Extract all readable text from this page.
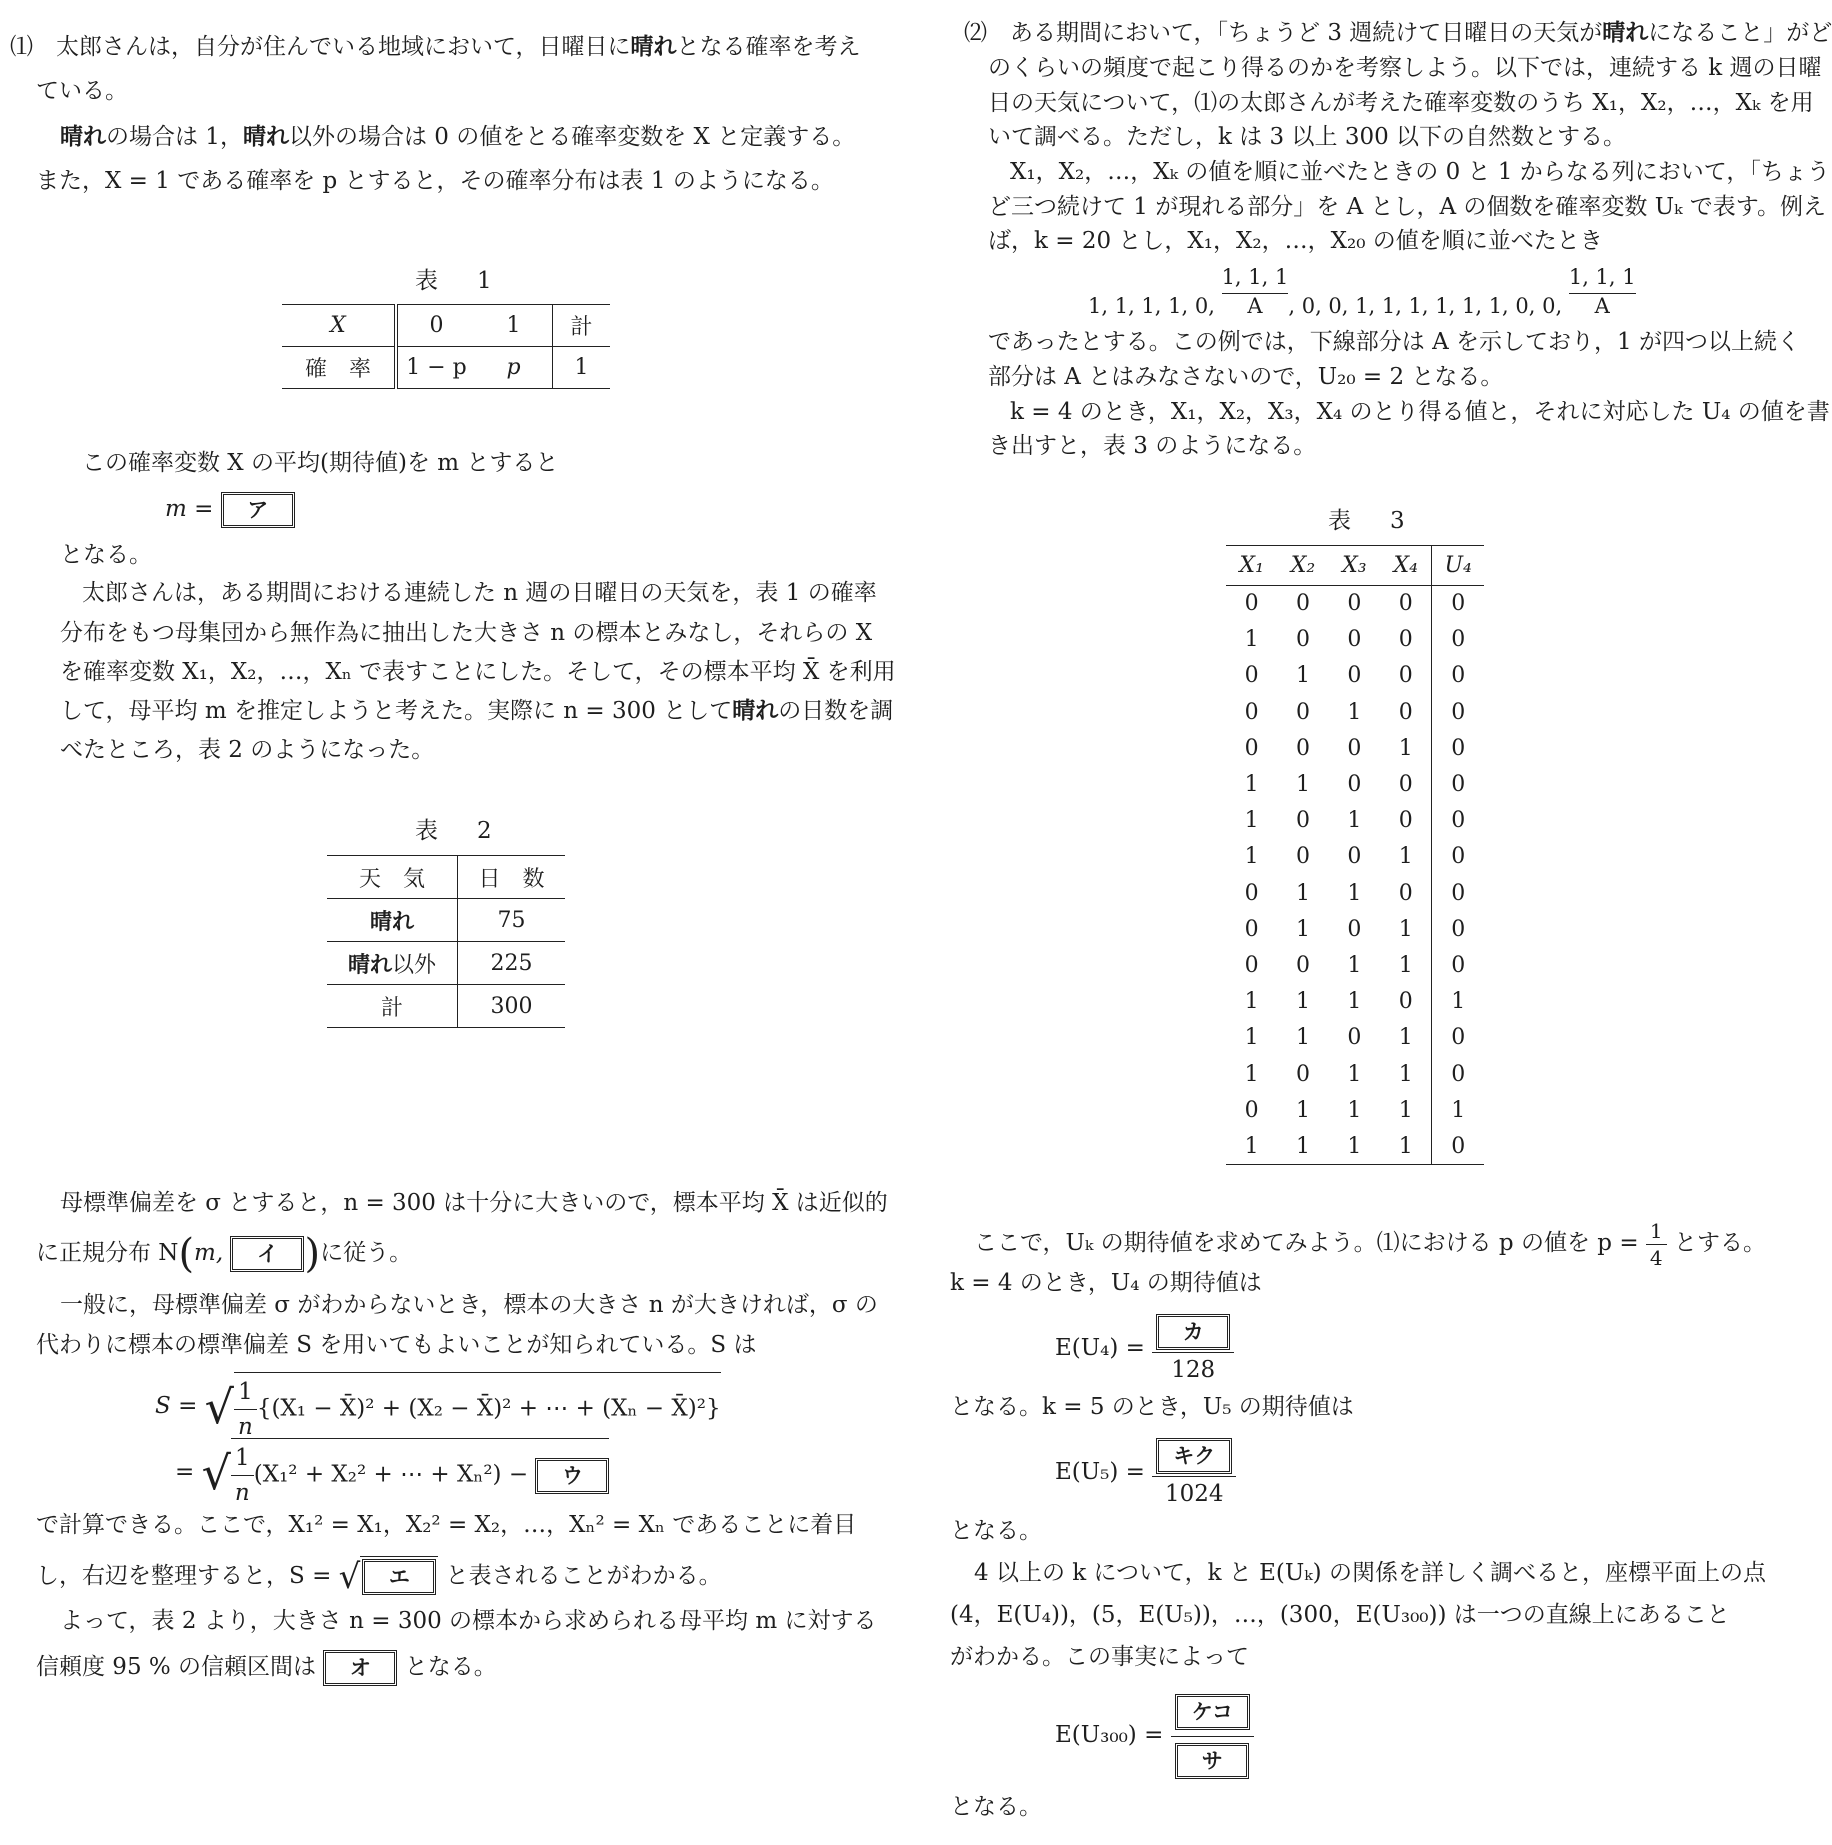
⑴　太郎さんは，自分が住んでいる地域において，日曜日に晴れとなる確率を考え
ている。
晴れの場合は 1，晴れ以外の場合は 0 の値をとる確率変数を X と定義する。
また，X = 1 である確率を p とすると，その確率分布は表 1 のようになる。
表　1
X	0	1	計
確　率	1 − p	p	1
この確率変数 X の平均(期待値)を m とすると
m = ア
となる。
太郎さんは，ある期間における連続した n 週の日曜日の天気を，表 1 の確率
分布をもつ母集団から無作為に抽出した大きさ n の標本とみなし，それらの X
を確率変数 X₁，X₂，…，Xₙ で表すことにした。そして，その標本平均 X̄ を利用
して，母平均 m を推定しようと考えた。実際に n = 300 として晴れの日数を調
べたところ，表 2 のようになった。
表　2
天　気	日　数
晴れ	75
晴れ以外	225
計	300
母標準偏差を σ とすると，n = 300 は十分に大きいので，標本平均 X̄ は近似的
に正規分布 N(m, イ )に従う。
一般に，母標準偏差 σ がわからないとき，標本の大きさ n が大きければ，σ の
代わりに標本の標準偏差 S を用いてもよいことが知られている。S は
S = √ $\frac{1}{n} \{(X_1$ − X̄)² + (X₂ − X̄)² + ⋯ + (Xₙ − X̄)²}
= √ $\frac{1}{n} (X_1^2 + X_2^2$ + ⋯ + Xₙ²) − ウ
で計算できる。ここで，X₁² = X₁，X₂² = X₂，…，Xₙ² = Xₙ であることに着目
し，右辺を整理すると，S = √ エ と表されることがわかる。
よって，表 2 より，大きさ n = 300 の標本から求められる母平均 m に対する
信頼度 95 % の信頼区間は オ となる。
⑵　ある期間において，「ちょうど 3 週続けて日曜日の天気が晴れになること」がど
のくらいの頻度で起こり得るのかを考察しよう。以下では，連続する k 週の日曜
日の天気について，⑴の太郎さんが考えた確率変数のうち X₁，X₂，…，Xₖ を用
いて調べる。ただし，k は 3 以上 300 以下の自然数とする。
X₁，X₂，…，Xₖ の値を順に並べたときの 0 と 1 からなる列において，「ちょう
ど三つ続けて 1 が現れる部分」を A とし，A の個数を確率変数 Uₖ で表す。例え
ば，k = 20 とし，X₁，X₂，…，X₂₀ の値を順に並べたとき
1, 1, 1, 1, 0, $\frac{1, 1, 1}{A}$ , 0, 0, 1, 1, 1, 1, 1, 1, 0, 0, $\frac{1, 1, 1}{A}$
であったとする。この例では，下線部分は A を示しており，1 が四つ以上続く
部分は A とはみなさないので，U₂₀ = 2 となる。
k = 4 のとき，X₁，X₂，X₃，X₄ のとり得る値と，それに対応した U₄ の値を書
き出すと，表 3 のようになる。
表　3
X₁	X₂	X₃	X₄	U₄
0	0	0	0	0
1	0	0	0	0
0	1	0	0	0
0	0	1	0	0
0	0	0	1	0
1	1	0	0	0
1	0	1	0	0
1	0	0	1	0
0	1	1	0	0
0	1	0	1	0
0	0	1	1	0
1	1	1	0	1
1	1	0	1	0
1	0	1	1	0
0	1	1	1	1
1	1	1	1	0
ここで，Uₖ の期待値を求めてみよう。⑴における p の値を $p = \frac{1}{4}$ とする。
k = 4 のとき，U₄ の期待値は
$E(U_4) = \frac{\text{カ}}{128}$
となる。k = 5 のとき，U₅ の期待値は
$E(U_5) = \frac{\text{キク}}{1024}$
となる。
4 以上の k について，k と E(Uₖ) の関係を詳しく調べると，座標平面上の点
(4，E(U₄))，(5，E(U₅))，…，(300，E(U₃₀₀)) は一つの直線上にあること
がわかる。この事実によって
$E(U_{300}) = \frac{\text{ケコ}}{\text{サ}}$
となる。
